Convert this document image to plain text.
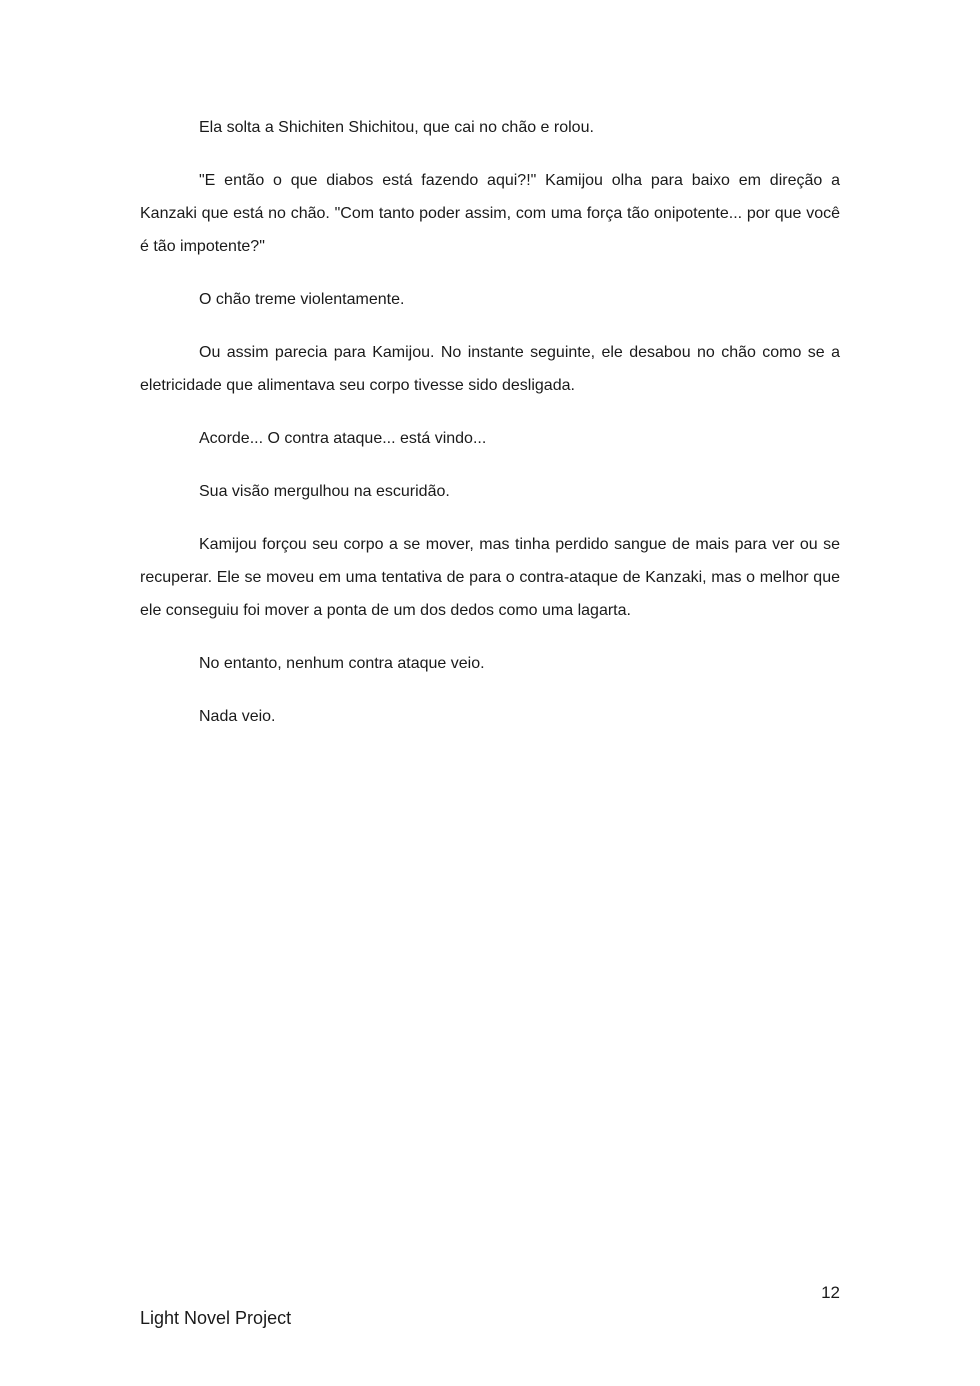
Ela solta a Shichiten Shichitou, que cai no chão e rolou.

"E então o que diabos está fazendo aqui?!" Kamijou olha para baixo em direção a Kanzaki que está no chão. "Com tanto poder assim, com uma força tão onipotente... por que você é tão impotente?"

O chão treme violentamente.

Ou assim parecia para Kamijou. No instante seguinte, ele desabou no chão como se a eletricidade que alimentava seu corpo tivesse sido desligada.

Acorde... O contra ataque... está vindo...

Sua visão mergulhou na escuridão.

Kamijou forçou seu corpo a se mover, mas tinha perdido sangue de mais para ver ou se recuperar. Ele se moveu em uma tentativa de para o contra-ataque de Kanzaki, mas o melhor que ele conseguiu foi mover a ponta de um dos dedos como uma lagarta.

No entanto, nenhum contra ataque veio.

Nada veio.

12
Light Novel Project
